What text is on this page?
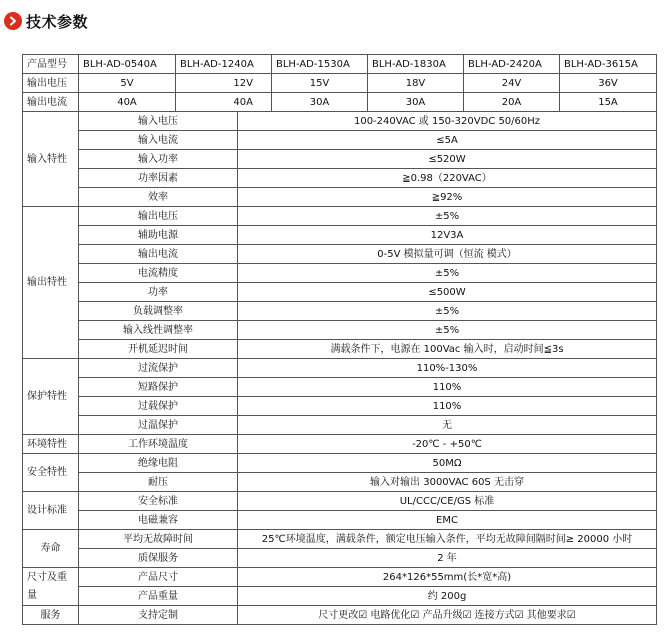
技术参数
产品型号	BLH-AD-0540A	BLH-AD-1240A		BLH-AD-1530A	BLH-AD-1830A	BLH-AD-2420A	BLH-AD-3615A
输出电压	5V	12V		15V	18V	24V	36V
输出电流	40A	40A		30A	30A	20A	15A
输入特性	输入电压		100-240VAC 或 150-320VDC 50/60Hz				
	输入电流		≤5A				
	输入功率		≤520W				
	功率因素		≧0.98（220VAC）				
	效率		≧92%				
输出特性	输出电压		±5%				
	辅助电源		12V3A				
	输出电流		0-5V 模拟量可调（恒流 模式）				
	电流精度		±5%				
	功率		≤500W				
	负载调整率		±5%				
	输入线性调整率		±5%				
	开机延迟时间		满载条件下，电源在 100Vac 输入时，启动时间≦3s				
保护特性	过流保护		110%-130%				
	短路保护		110%				
	过载保护		110%				
	过温保护		无				
环境特性	工作环境温度		-20℃ - +50℃				
安全特性	绝缘电阻		50MΩ				
	耐压		输入对输出 3000VAC 60S 无击穿				
设计标准	安全标准		UL/CCC/CE/GS 标准				
	电磁兼容		EMC				
寿命	平均无故障时间		25℃环境温度，满载条件，额定电压输入条件，平均无故障间隔时间≥ 20000 小时				
	质保服务		2 年				
尺寸及重量	产品尺寸		264*126*55mm(长*宽*高)				
	产品重量		约 200g				
服务	支持定制		尺寸更改☑ 电路优化☑ 产品升级☑ 连接方式☑ 其他要求☑				
